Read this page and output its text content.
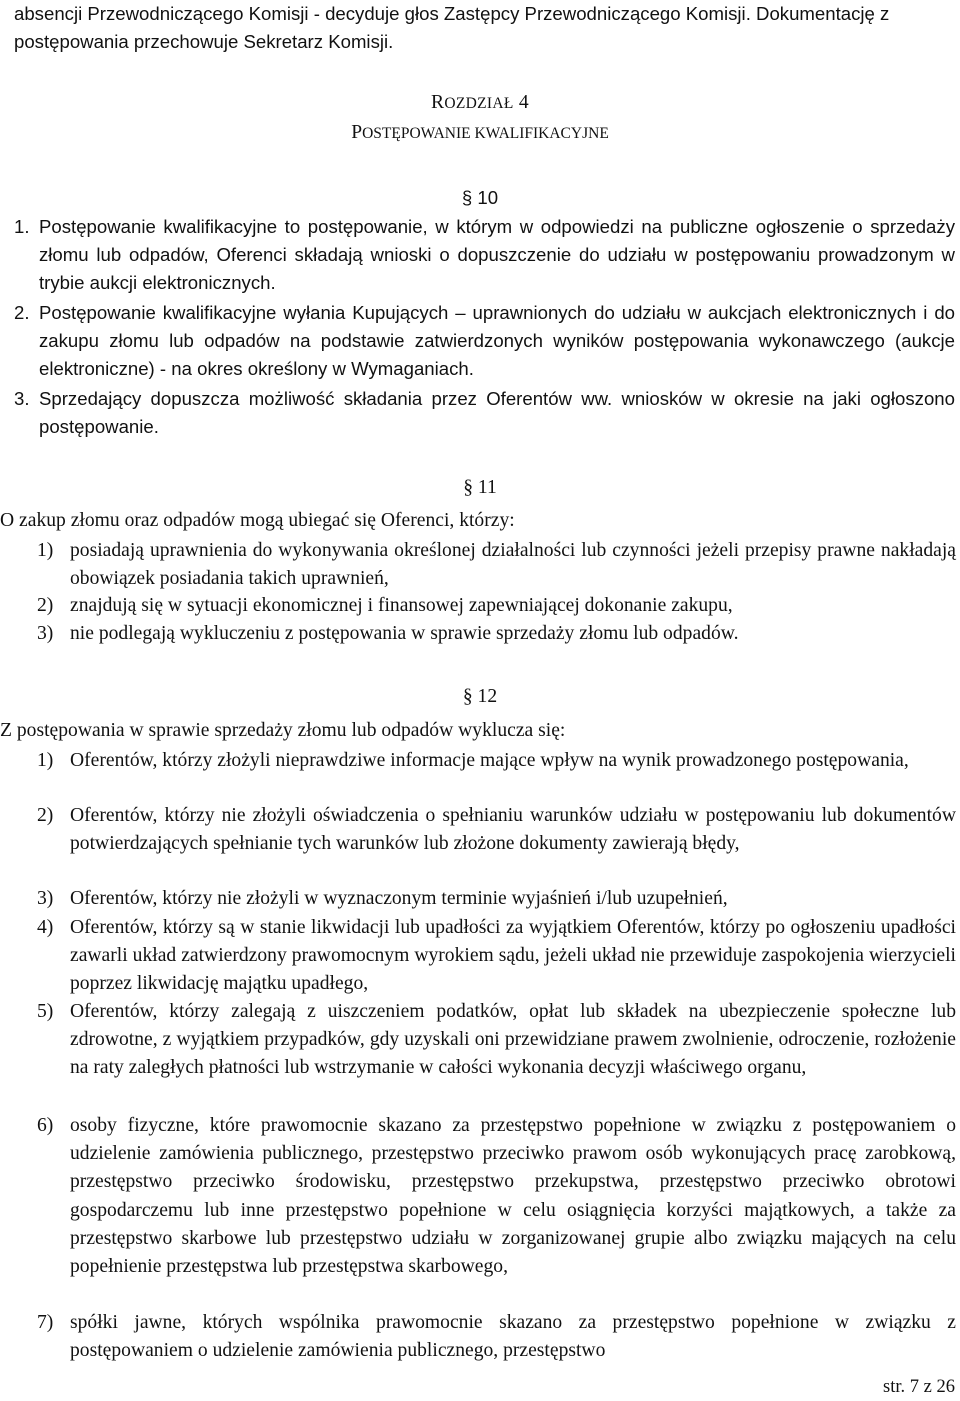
absencji Przewodniczącego Komisji - decyduje głos Zastępcy Przewodniczącego Komisji. Dokumentację z postępowania przechowuje Sekretarz Komisji.

ROZDZIAŁ 4
POSTĘPOWANIE KWALIFIKACYJNE
§ 10
1. Postępowanie kwalifikacyjne to postępowanie, w którym w odpowiedzi na publiczne ogłoszenie o sprzedaży złomu lub odpadów, Oferenci składają wnioski o dopuszczenie do udziału w postępowaniu prowadzonym w trybie aukcji elektronicznych.

2. Postępowanie kwalifikacyjne wyłania Kupujących – uprawnionych do udziału w aukcjach elektronicznych i do zakupu złomu lub odpadów na podstawie zatwierdzonych wyników postępowania wykonawczego (aukcje elektroniczne) - na okres określony w Wymaganiach.

3. Sprzedający dopuszcza możliwość składania przez Oferentów ww. wniosków w okresie na jaki ogłoszono postępowanie.

§ 11

O zakup złomu oraz odpadów mogą ubiegać się Oferenci, którzy:

1) posiadają uprawnienia do wykonywania określonej działalności lub czynności jeżeli przepisy prawne nakładają obowiązek posiadania takich uprawnień,

2) znajdują się w sytuacji ekonomicznej i finansowej zapewniającej dokonanie zakupu,

3) nie podlegają wykluczeniu z postępowania w sprawie sprzedaży złomu lub odpadów.

§ 12

Z postępowania w sprawie sprzedaży złomu lub odpadów wyklucza się:

1) Oferentów, którzy złożyli nieprawdziwe informacje mające wpływ na wynik prowadzonego postępowania,

2) Oferentów, którzy nie złożyli oświadczenia o spełnianiu warunków udziału w postępowaniu lub dokumentów potwierdzających spełnianie tych warunków lub złożone dokumenty zawierają błędy,

3) Oferentów, którzy nie złożyli w wyznaczonym terminie wyjaśnień i/lub uzupełnień,

4) Oferentów, którzy są w stanie likwidacji lub upadłości za wyjątkiem Oferentów, którzy po ogłoszeniu upadłości zawarli układ zatwierdzony prawomocnym wyrokiem sądu, jeżeli układ nie przewiduje zaspokojenia wierzycieli poprzez likwidację majątku upadłego,

5) Oferentów, którzy zalegają z uiszczeniem podatków, opłat lub składek na ubezpieczenie społeczne lub zdrowotne, z wyjątkiem przypadków, gdy uzyskali oni przewidziane prawem zwolnienie, odroczenie, rozłożenie na raty zaległych płatności lub wstrzymanie w całości wykonania decyzji właściwego organu,

6) osoby fizyczne, które prawomocnie skazano za przestępstwo popełnione w związku z postępowaniem o udzielenie zamówienia publicznego, przestępstwo przeciwko prawom osób wykonujących pracę zarobkową, przestępstwo przeciwko środowisku, przestępstwo przekupstwa, przestępstwo przeciwko obrotowi gospodarczemu lub inne przestępstwo popełnione w celu osiągnięcia korzyści majątkowych, a także za przestępstwo skarbowe lub przestępstwo udziału w zorganizowanej grupie albo związku mających na celu popełnienie przestępstwa lub przestępstwa skarbowego,

7) spółki jawne, których wspólnika prawomocnie skazano za przestępstwo popełnione w związku z postępowaniem o udzielenie zamówienia publicznego, przestępstwo

str. 7 z 26
